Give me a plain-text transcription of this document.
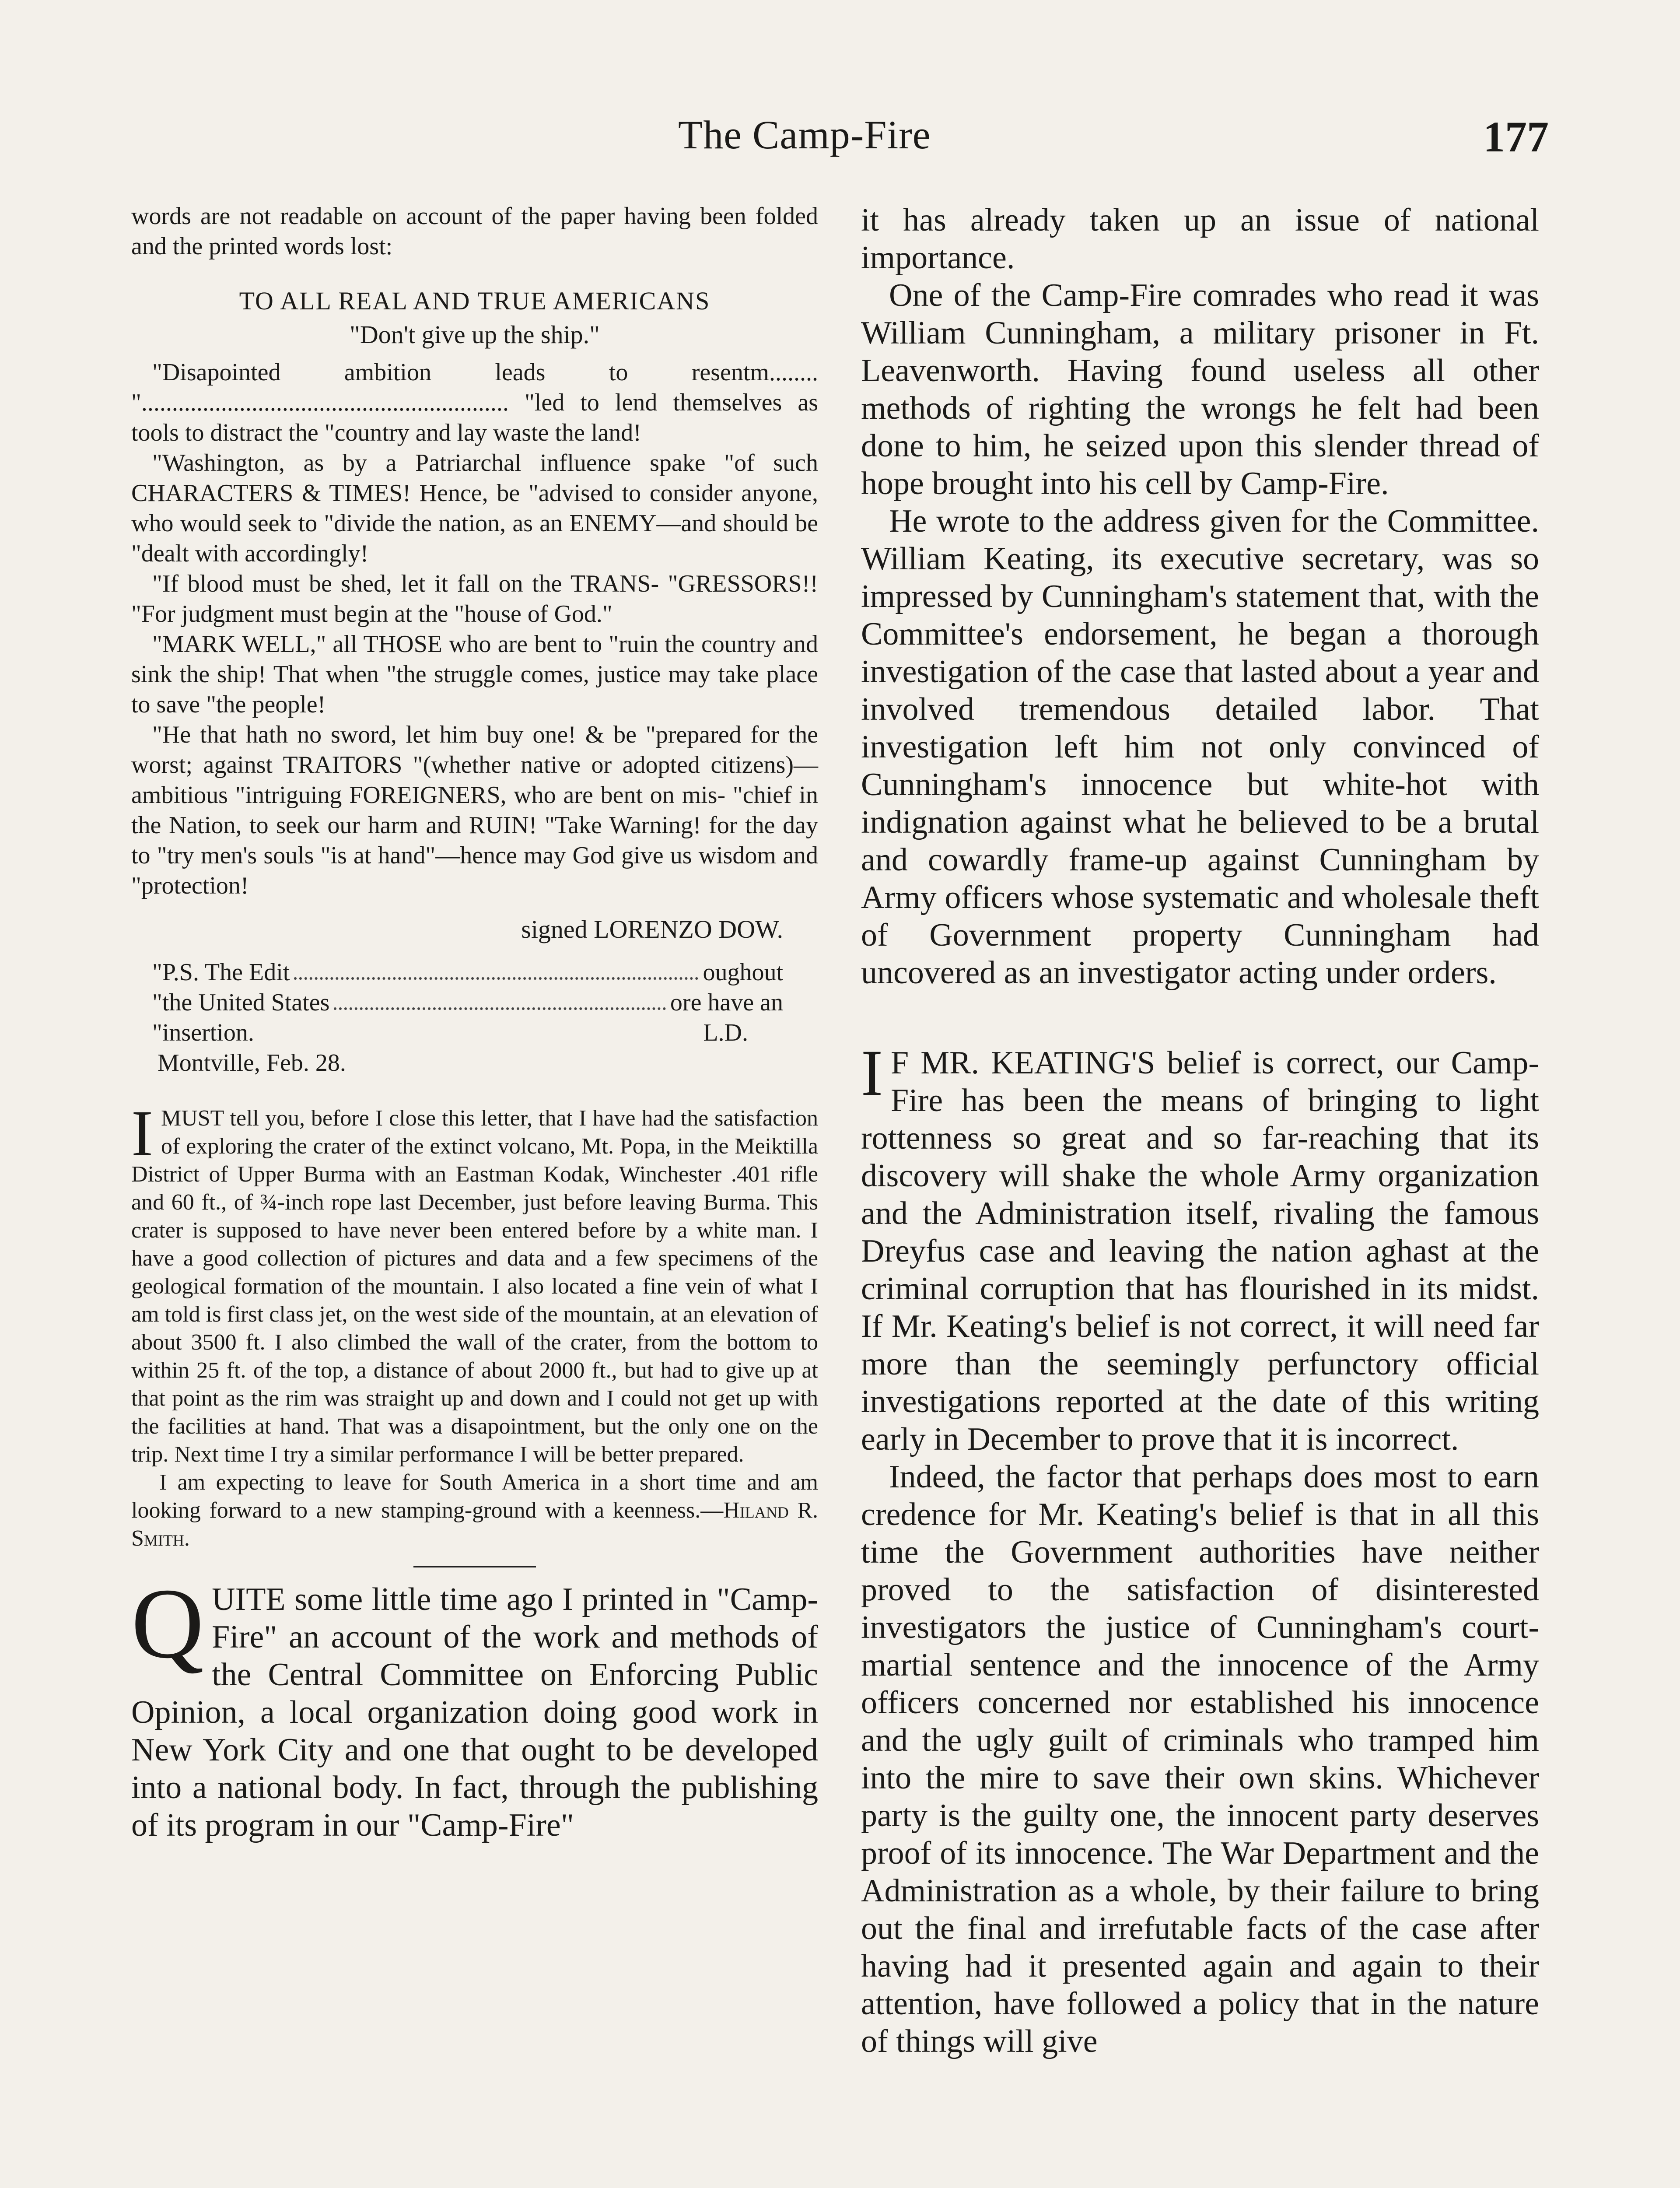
The Camp-Fire	177

words are not readable on account of the paper having been folded and the printed words lost:

TO ALL REAL AND TRUE AMERICANS

"Don't give up the ship."

"Disapointed ambition leads to resentm........ "............................................................ "led to lend themselves as tools to distract the "country and lay waste the land!

"Washington, as by a Patriarchal influence spake "of such CHARACTERS & TIMES! Hence, be "advised to consider anyone, who would seek to "divide the nation, as an ENEMY—and should be "dealt with accordingly!

"If blood must be shed, let it fall on the TRANS- "GRESSORS!! "For judgment must begin at the "house of God."

"MARK WELL," all THOSE who are bent to "ruin the country and sink the ship! That when "the struggle comes, justice may take place to save "the people!

"He that hath no sword, let him buy one! & be "prepared for the worst; against TRAITORS "(whether native or adopted citizens)—ambitious "intriguing FOREIGNERS, who are bent on mis- "chief in the Nation, to seek our harm and RUIN! "Take Warning! for the day to "try men's souls "is at hand"—hence may God give us wisdom and "protection!

signed LORENZO DOW.

"P.S. The Edit	oughout
"the United States	ore have an
"insertion.	L.D.

Montville, Feb. 28.

I MUST tell you, before I close this letter, that I have had the satisfaction of exploring the crater of the extinct volcano, Mt. Popa, in the Meiktilla District of Upper Burma with an Eastman Kodak, Winchester .401 rifle and 60 ft., of ¾-inch rope last December, just before leaving Burma. This crater is supposed to have never been entered before by a white man. I have a good collection of pictures and data and a few specimens of the geological formation of the mountain. I also located a fine vein of what I am told is first class jet, on the west side of the mountain, at an elevation of about 3500 ft. I also climbed the wall of the crater, from the bottom to within 25 ft. of the top, a distance of about 2000 ft., but had to give up at that point as the rim was straight up and down and I could not get up with the facilities at hand. That was a disapointment, but the only one on the trip. Next time I try a similar performance I will be better prepared.

I am expecting to leave for South America in a short time and am looking forward to a new stamping-ground with a keenness.—Hiland R. Smith.

QUITE some little time ago I printed in "Camp-Fire" an account of the work and methods of the Central Committee on Enforcing Public Opinion, a local organization doing good work in New York City and one that ought to be developed into a national body. In fact, through the publishing of its program in our "Camp-Fire"

it has already taken up an issue of national importance.

One of the Camp-Fire comrades who read it was William Cunningham, a military prisoner in Ft. Leavenworth. Having found useless all other methods of righting the wrongs he felt had been done to him, he seized upon this slender thread of hope brought into his cell by Camp-Fire.

He wrote to the address given for the Committee. William Keating, its executive secretary, was so impressed by Cunningham's statement that, with the Committee's endorsement, he began a thorough investigation of the case that lasted about a year and involved tremendous detailed labor. That investigation left him not only convinced of Cunningham's innocence but white-hot with indignation against what he believed to be a brutal and cowardly frame-up against Cunningham by Army officers whose systematic and wholesale theft of Government property Cunningham had uncovered as an investigator acting under orders.

I F MR. KEATING'S belief is correct, our Camp-Fire has been the means of bringing to light rottenness so great and so far-reaching that its discovery will shake the whole Army organization and the Administration itself, rivaling the famous Dreyfus case and leaving the nation aghast at the criminal corruption that has flourished in its midst. If Mr. Keating's belief is not correct, it will need far more than the seemingly perfunctory official investigations reported at the date of this writing early in December to prove that it is incorrect.

Indeed, the factor that perhaps does most to earn credence for Mr. Keating's belief is that in all this time the Government authorities have neither proved to the satisfaction of disinterested investigators the justice of Cunningham's court-martial sentence and the innocence of the Army officers concerned nor established his innocence and the ugly guilt of criminals who tramped him into the mire to save their own skins. Whichever party is the guilty one, the innocent party deserves proof of its innocence. The War Department and the Administration as a whole, by their failure to bring out the final and irrefutable facts of the case after having had it presented again and again to their attention, have followed a policy that in the nature of things will give
